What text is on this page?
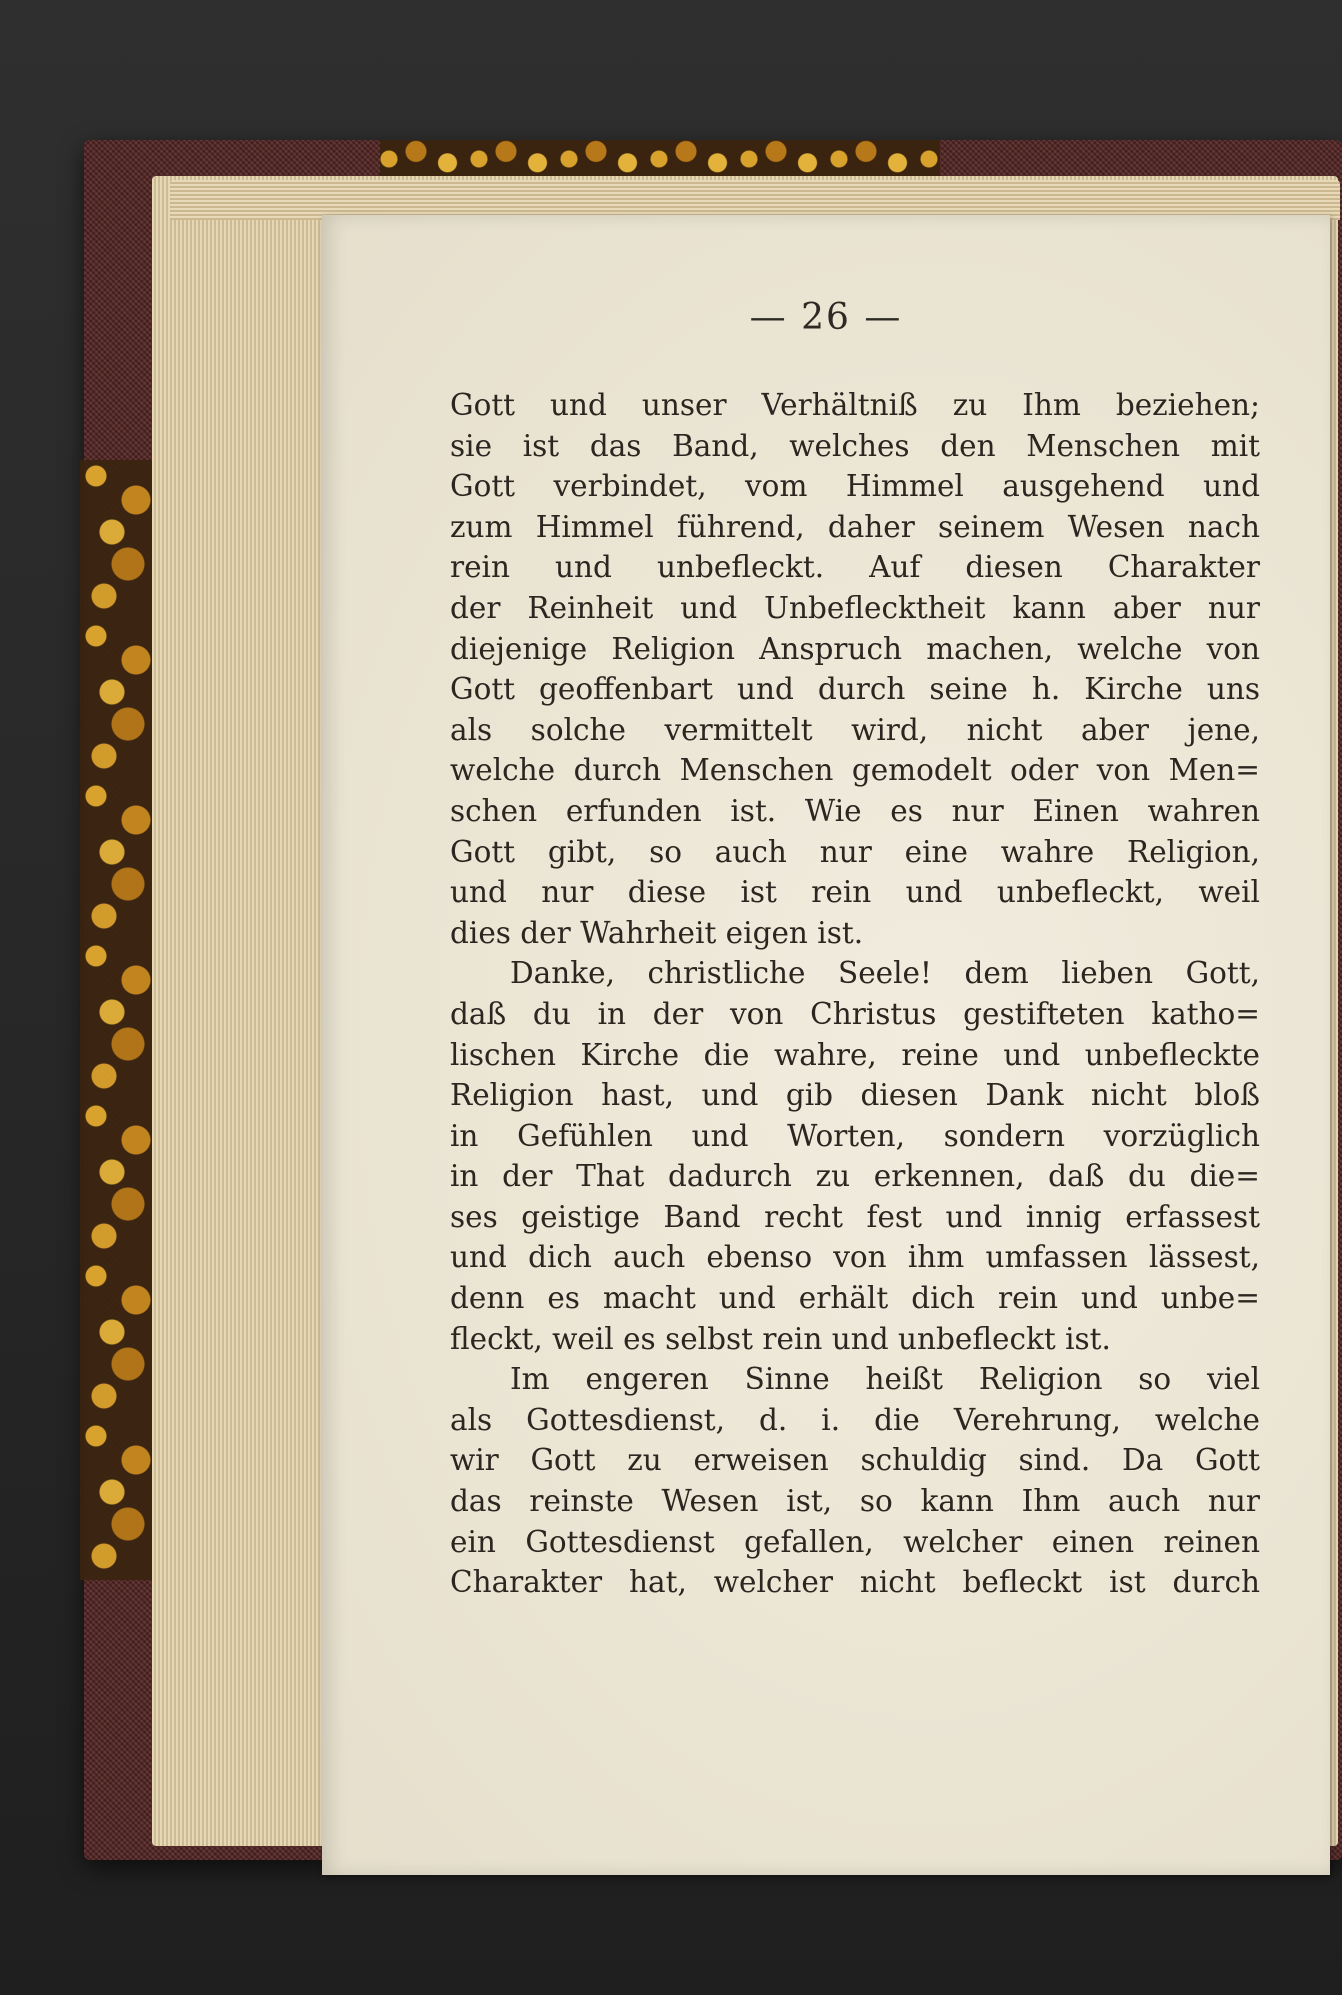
— 26 —
Gott und unser Verhältniß zu Ihm beziehen;
sie ist das Band, welches den Menschen mit
Gott verbindet, vom Himmel ausgehend und
zum Himmel führend, daher seinem Wesen nach
rein und unbefleckt. Auf diesen Charakter
der Reinheit und Unbeflecktheit kann aber nur
diejenige Religion Anspruch machen, welche von
Gott geoffenbart und durch seine h. Kirche uns
als solche vermittelt wird, nicht aber jene,
welche durch Menschen gemodelt oder von Men=
schen erfunden ist. Wie es nur Einen wahren
Gott gibt, so auch nur eine wahre Religion,
und nur diese ist rein und unbefleckt, weil
dies der Wahrheit eigen ist.
Danke, christliche Seele! dem lieben Gott,
daß du in der von Christus gestifteten katho=
lischen Kirche die wahre, reine und unbefleckte
Religion hast, und gib diesen Dank nicht bloß
in Gefühlen und Worten, sondern vorzüglich
in der That dadurch zu erkennen, daß du die=
ses geistige Band recht fest und innig erfassest
und dich auch ebenso von ihm umfassen lässest,
denn es macht und erhält dich rein und unbe=
fleckt, weil es selbst rein und unbefleckt ist.
Im engeren Sinne heißt Religion so viel
als Gottesdienst, d. i. die Verehrung, welche
wir Gott zu erweisen schuldig sind. Da Gott
das reinste Wesen ist, so kann Ihm auch nur
ein Gottesdienst gefallen, welcher einen reinen
Charakter hat, welcher nicht befleckt ist durch
